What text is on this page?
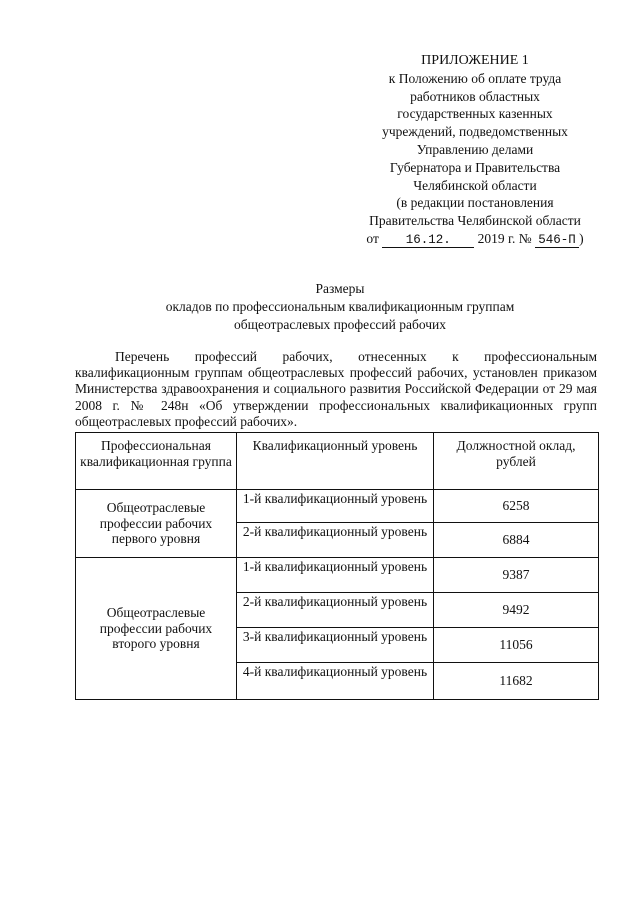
ПРИЛОЖЕНИЕ 1
к Положению об оплате труда
работников областных
государственных казенных
учреждений, подведомственных
Управлению делами
Губернатора и Правительства
Челябинской области
(в редакции постановления
Правительства Челябинской области
от 16.12. 2019 г. № 546-П )
Размеры
окладов по профессиональным квалификационным группам
общеотраслевых профессий рабочих
Перечень профессий рабочих, отнесенных к профессиональным квалификационным группам общеотраслевых профессий рабочих, установлен приказом Министерства здравоохранения и социального развития Российской Федерации от 29 мая 2008 г. № 248н «Об утверждении профессиональных квалификационных групп общеотраслевых профессий рабочих».
Профессиональная квалификационная группа	Квалификационный уровень	Должностной оклад, рублей
Общеотраслевые профессии рабочих первого уровня	1-й квалификационный уровень	6258
	2-й квалификационный уровень	6884
Общеотраслевые профессии рабочих второго уровня	1-й квалификационный уровень	9387
	2-й квалификационный уровень	9492
	3-й квалификационный уровень	11056
	4-й квалификационный уровень	11682
